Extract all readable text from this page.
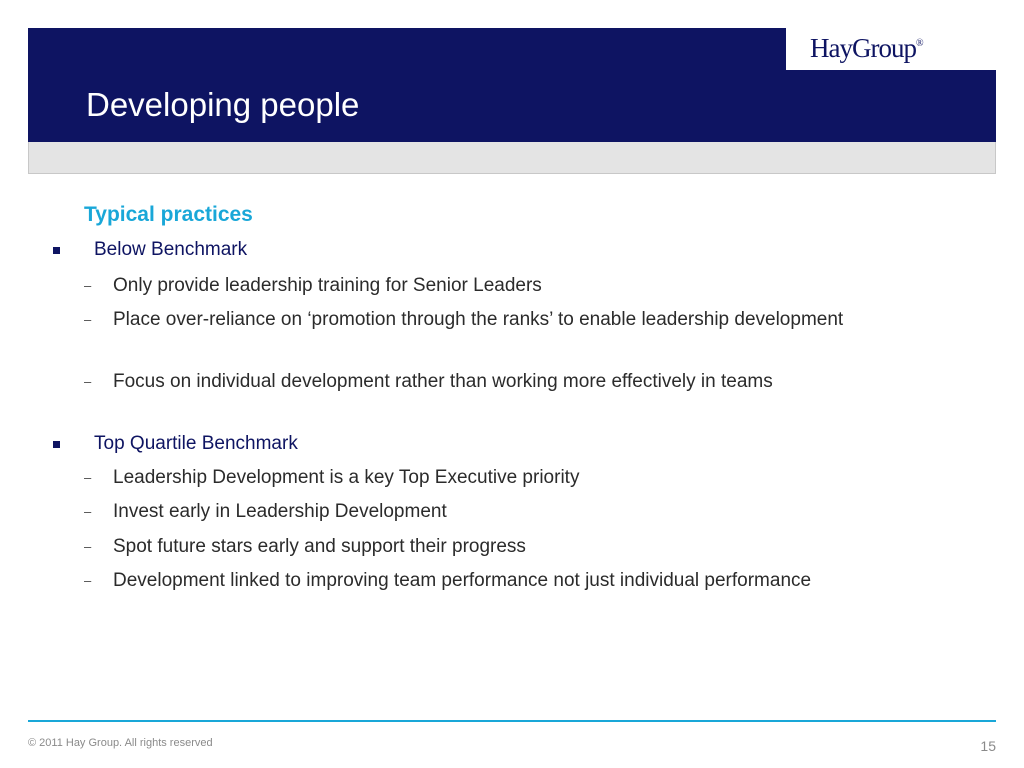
HayGroup®
Developing people
Typical practices
Below Benchmark
– Only provide leadership training for Senior Leaders
– Place over-reliance on ‘promotion through the ranks’ to enable leadership development
– Focus on individual development rather than working more effectively in teams
Top Quartile Benchmark
– Leadership Development is a key Top Executive priority
– Invest early in Leadership Development
– Spot future stars early and support their progress
– Development linked to improving team performance not just individual performance
© 2011 Hay Group. All rights reserved	15
